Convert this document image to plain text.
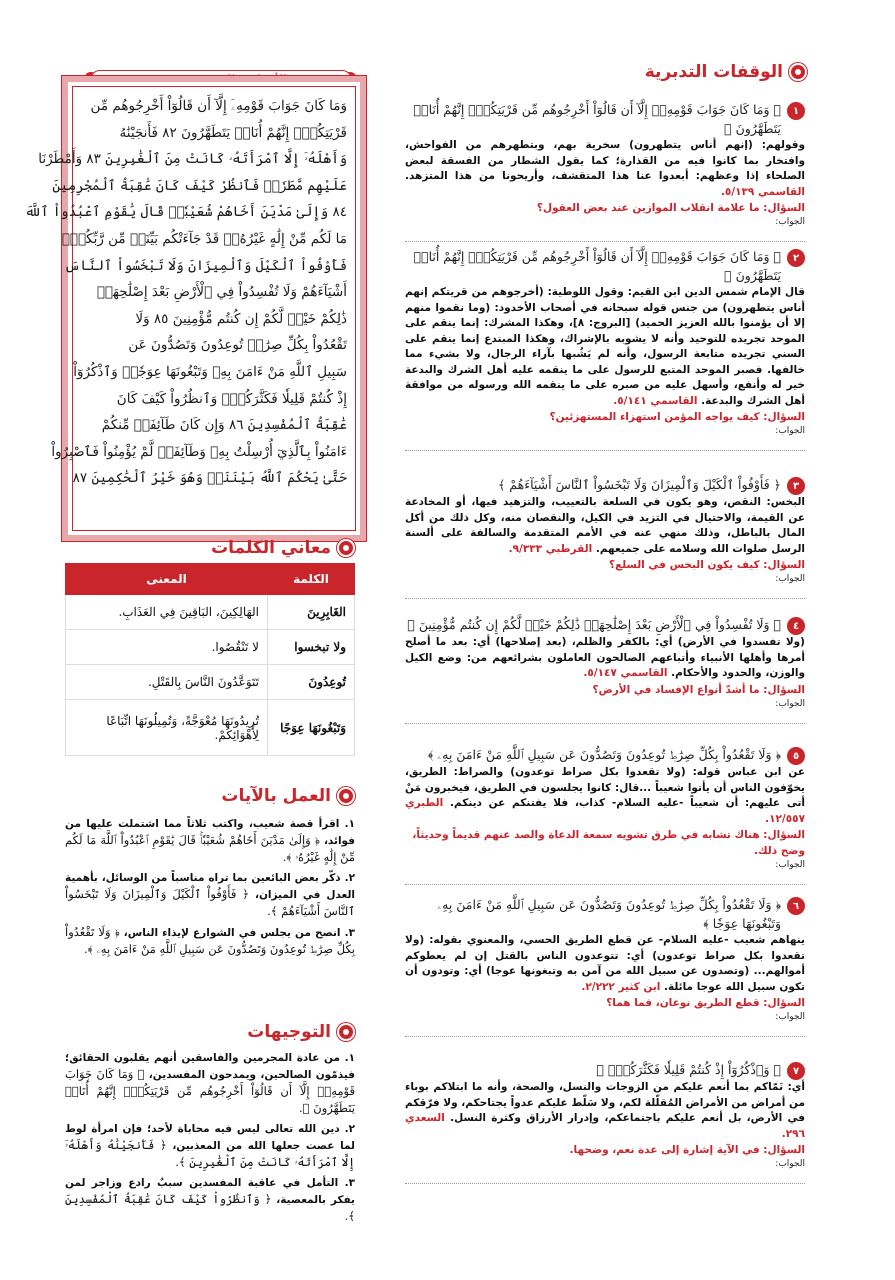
الوقفات التدبرية
١
﴿ وَمَا كَانَ جَوَابَ قَوْمِهِۦٓ إِلَّآ أَن قَالُوٓاْ أَخْرِجُوهُم مِّن قَرْيَتِكُمْۖ إِنَّهُمْ أُنَاسٞ يَتَطَهَّرُونَ ﴾
وقولهم: (إنهم أناس يتطهرون) سخرية بهم، وبتطهرهم من الفواحش، وافتخار بما كانوا فيه من القذارة؛ كما يقول الشطار من الفسقة لبعض الصلحاء إذا وعظهم: أبعدوا عنا هذا المتقشف، وأريحونا من هذا المتزهد. القاسمي ٥/١٣٩.
السؤال: ما علامة انقلاب الموازين عند بعض العقول؟
الجواب:
٢
﴿ وَمَا كَانَ جَوَابَ قَوْمِهِۦٓ إِلَّآ أَن قَالُوٓاْ أَخْرِجُوهُم مِّن قَرْيَتِكُمْۖ إِنَّهُمْ أُنَاسٞ يَتَطَهَّرُونَ ﴾
قال الإمام شمس الدين ابن القيم: وقول اللوطية: (أخرجوهم من قريتكم إنهم أناس يتطهرون) من جنس قوله سبحانه في أصحاب الأخدود: (وما نقموا منهم إلا أن يؤمنوا بالله العزيز الحميد) [البروج: ٨]، وهكذا المشرك: إنما ينقم على الموحد تجريده للتوحيد وأنه لا يشوبه بالإشراك، وهكذا المبتدع إنما ينقم على السني تجريده متابعة الرسول، وأنه لم يَشُبها بآراء الرجال، ولا بشيء مما خالفها. فصبر الموحد المتبع للرسول على ما ينقمه عليه أهل الشرك والبدعة خير له وأنفع، وأسهل عليه من صبره على ما ينقمه الله ورسوله من موافقة أهل الشرك والبدعة. القاسمي ٥/١٤١.
السؤال: كيف يواجه المؤمن استهزاء المستهزئين؟
الجواب:
٣
﴿ فَأَوْفُواْ ٱلْكَيْلَ وَٱلْمِيزَانَ وَلَا تَبْخَسُواْ ٱلنَّاسَ أَشْيَآءَهُمْ ﴾
البخس: النقص، وهو يكون في السلعة بالتعييب، والتزهيد فيها، أو المخادعة عن القيمة، والاحتيال في التزيد في الكيل، والنقصان منه، وكل ذلك من أكل المال بالباطل، وذلك منهي عنه في الأمم المتقدمة والسالفة على ألسنة الرسل صلوات الله وسلامه على جميعهم. القرطبي ٩/٣٣٣.
السؤال: كيف يكون البخس في السلع؟
الجواب:
٤
﴿ وَلَا تُفْسِدُواْ فِي ٱلْأَرْضِ بَعْدَ إِصْلَٰحِهَاۚ ذَٰلِكُمْ خَيْرٞ لَّكُمْ إِن كُنتُم مُّؤْمِنِينَ ﴾
(ولا تفسدوا في الأرض) أي: بالكفر والظلم، (بعد إصلاحها) أي: بعد ما أصلح أمرها وأهلها الأنبياء وأتباعهم الصالحون العاملون بشرائعهم من: وضع الكيل والوزن، والحدود والأحكام. القاسمي ٥/١٤٧.
السؤال: ما أشدّ أنواع الإفساد في الأرض؟
الجواب:
٥
﴿ وَلَا تَقْعُدُواْ بِكُلِّ صِرَٰطٖ تُوعِدُونَ وَتَصُدُّونَ عَن سَبِيلِ ٱللَّهِ مَنْ ءَامَنَ بِهِۦ ﴾
عن ابن عباس قوله: (ولا تقعدوا بكل صراط توعدون) والصراط: الطريق، يخوّفون الناس أن يأتوا شعيباً ...قال: كانوا يجلسون في الطريق، فيخبرون مَنْ أتى عليهم: أن شعيباً -عليه السلام- كذاب، فلا يفتنكم عن دينكم. الطبري ١٢/٥٥٧.
السؤال: هناك تشابه في طرق تشويه سمعة الدعاة والصد عنهم قديماً وحديثاً، وضح ذلك.
الجواب:
٦
﴿ وَلَا تَقْعُدُواْ بِكُلِّ صِرَٰطٖ تُوعِدُونَ وَتَصُدُّونَ عَن سَبِيلِ ٱللَّهِ مَنْ ءَامَنَ بِهِۦ وَتَبْغُونَهَا عِوَجٗا ﴾
ينهاهم شعيب -عليه السلام- عن قطع الطريق الحسي، والمعنوي بقوله: (ولا تقعدوا بكل صراط توعدون) أي: تتوعدون الناس بالقتل إن لم يعطوكم أموالهم... (وتصدون عن سبيل الله من آمن به وتبغونها عوجا) أي: وتودون أن تكون سبيل الله عوجا مائلة. ابن كثير ٢/٢٢٢.
السؤال: قطع الطريق نوعان، فما هما؟
الجواب:
٧
﴿ وَٱذْكُرُوٓاْ إِذْ كُنتُمْ قَلِيلٗا فَكَثَّرَكُمْۖ ﴾
أي: نَمّاكم بما أنعم عليكم من الزوجات والنسل، والصحة، وأنه ما ابتلاكم بوباء من أمراض من الأمراض المُقلّلة لكم، ولا سَلّط عليكم عدواً يجتاحكم، ولا فرّقكم في الأرض، بل أنعم عليكم باجتماعكم، وإدرار الأرزاق وكثرة النسل. السعدي ٢٩٦.
السؤال: في الآية إشارة إلى عدة نعم، وضحها.
الجواب:
وَمَا كَانَ جَوَابَ قَوْمِهِۦٓ إِلَّآ أَن قَالُوٓاْ أَخْرِجُوهُم مِّن
قَرْيَتِكُمْۖ إِنَّهُمْ أُنَاسٞ يَتَطَهَّرُونَ ٨٢ فَأَنجَيْنَٰهُ
وَأَهْلَهُۥٓ إِلَّا ٱمْرَأَتَهُۥ كَانَتْ مِنَ ٱلْغَٰبِرِينَ ٨٣ وَأَمْطَرْنَا
عَلَيْهِم مَّطَرٗاۖ فَٱنظُرْ كَيْفَ كَانَ عَٰقِبَةُ ٱلْمُجْرِمِينَ
٨٤ وَإِلَىٰ مَدْيَنَ أَخَاهُمْ شُعَيْبٗاۚ قَالَ يَٰقَوْمِ ٱعْبُدُواْ ٱللَّهَ
مَا لَكُم مِّنْ إِلَٰهٍ غَيْرُهُۥۖ قَدْ جَآءَتْكُم بَيِّنَةٞ مِّن رَّبِّكُمْۖ
فَأَوْفُواْ ٱلْكَيْلَ وَٱلْمِيزَانَ وَلَا تَبْخَسُواْ ٱلنَّاسَ
أَشْيَآءَهُمْ وَلَا تُفْسِدُواْ فِي ٱلْأَرْضِ بَعْدَ إِصْلَٰحِهَاۚ
ذَٰلِكُمْ خَيْرٞ لَّكُمْ إِن كُنتُم مُّؤْمِنِينَ ٨٥ وَلَا
تَقْعُدُواْ بِكُلِّ صِرَٰطٖ تُوعِدُونَ وَتَصُدُّونَ عَن
سَبِيلِ ٱللَّهِ مَنْ ءَامَنَ بِهِۦ وَتَبْغُونَهَا عِوَجٗاۚ وَٱذْكُرُوٓاْ
إِذْ كُنتُمْ قَلِيلٗا فَكَثَّرَكُمْۖ وَٱنظُرُواْ كَيْفَ كَانَ
عَٰقِبَةُ ٱلْمُفْسِدِينَ ٨٦ وَإِن كَانَ طَآئِفَةٞ مِّنكُمْ
ءَامَنُواْ بِٱلَّذِيٓ أُرْسِلْتُ بِهِۦ وَطَآئِفَةٞ لَّمْ يُؤْمِنُواْ فَٱصْبِرُواْ
حَتَّىٰ يَحْكُمَ ٱللَّهُ بَيْنَنَاۚ وَهُوَ خَيْرُ ٱلْحَٰكِمِينَ ٨٧
معاني الكلمات
الكلمة	المعنى
الغَابِرِينَ	الهَالِكِينَ، البَاقِينَ فِي العَذَابِ.
ولا تبخسوا	لا تَنْقُصُوا.
تُوعِدُونَ	تَتَوَعَّدُونَ النَّاسَ بِالقَتْلِ.
وَتَبْغُونَهَا عِوَجًا	تُرِيدُونَهَا مُعْوَجَّةً، وَتُمِيلُونَهَا اتِّبَاعًا لِأَهْوَائِكُمْ.
العمل بالآيات

١. اقرأ قصة شعيب، واكتب ثلاثاً مما اشتملت عليها من فوائد، ﴿ وَإِلَىٰ مَدْيَنَ أَخَاهُمْ شُعَيْبٗاۚ قَالَ يَٰقَوْمِ ٱعْبُدُواْ ٱللَّهَ مَا لَكُم مِّنْ إِلَٰهٍ غَيْرُهُۥ ﴾.

٢. ذكّر بعض البائعين بما تراه مناسباً من الوسائل، بأهمية العدل في الميزان، ﴿ فَأَوْفُواْ ٱلْكَيْلَ وَٱلْمِيزَانَ وَلَا تَبْخَسُواْ ٱلنَّاسَ أَشْيَآءَهُمْ ﴾.

٣. انصح من يجلس في الشوارع لإيذاء الناس، ﴿ وَلَا تَقْعُدُواْ بِكُلِّ صِرَٰطٖ تُوعِدُونَ وَتَصُدُّونَ عَن سَبِيلِ ٱللَّهِ مَنْ ءَامَنَ بِهِۦ ﴾.

التوجيهات

١. من عادة المجرمين والفاسقين أنهم يقلبون الحقائق؛ فيذمّون الصالحين، ويمدحون المفسدين، ﴿ وَمَا كَانَ جَوَابَ قَوْمِهِۦٓ إِلَّآ أَن قَالُوٓاْ أَخْرِجُوهُم مِّن قَرْيَتِكُمْۖ إِنَّهُمْ أُنَاسٞ يَتَطَهَّرُونَ ﴾.

٢. دين الله تعالى ليس فيه محاباة لأحد؛ فإن امرأة لوط لما عصت جعلها الله من المعذبين، ﴿ فَأَنجَيْنَٰهُ وَأَهْلَهُۥٓ إِلَّا ٱمْرَأَتَهُۥ كَانَتْ مِنَ ٱلْغَٰبِرِينَ ﴾.

٣. التأمل في عاقبة المفسدين سببٌ رادع وزاجر لمن يفكر بالمعصية، ﴿ وَٱنظُرُواْ كَيْفَ كَانَ عَٰقِبَةُ ٱلْمُفْسِدِينَ ﴾.
